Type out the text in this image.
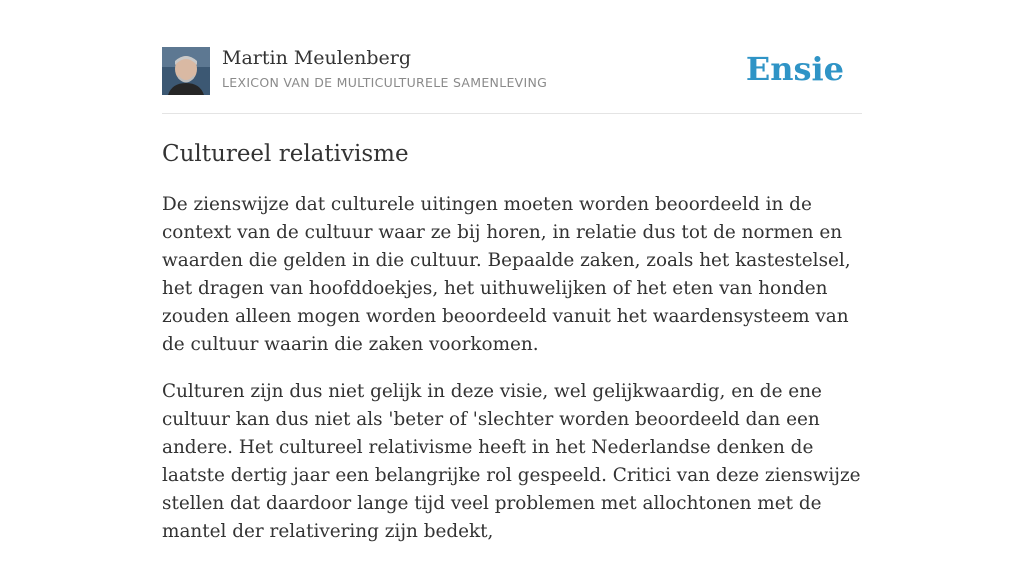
Martin Meulenberg
LEXICON VAN DE MULTICULTURELE SAMENLEVING	Ensie
Cultureel relativisme

De zienswijze dat culturele uitingen moeten worden beoordeeld in de context van de cultuur waar ze bij horen, in relatie dus tot de normen en waarden die gelden in die cultuur. Bepaalde zaken, zoals het kastestelsel, het dragen van hoofddoekjes, het uithuwelijken of het eten van honden zouden alleen mogen worden beoordeeld vanuit het waardensysteem van de cultuur waarin die zaken voorkomen.

Culturen zijn dus niet gelijk in deze visie, wel gelijkwaardig, en de ene cultuur kan dus niet als 'beter of 'slechter worden beoordeeld dan een andere. Het cultureel relativisme heeft in het Nederlandse denken de laatste dertig jaar een belangrijke rol gespeeld. Critici van deze zienswijze stellen dat daardoor lange tijd veel problemen met allochtonen met de mantel der relativering zijn bedekt,
